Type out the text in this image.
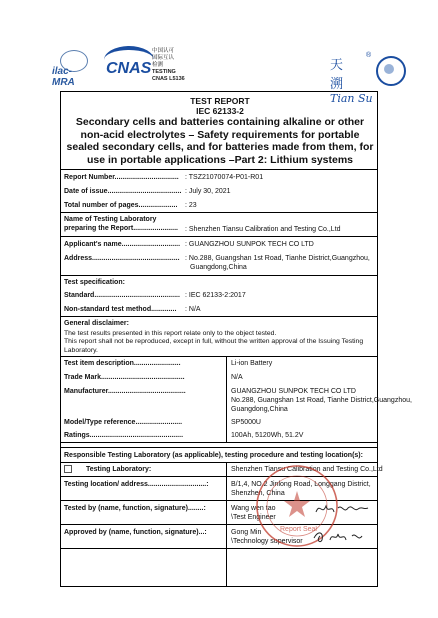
ilac-MRA
CNAS
中国认可
国际互认
检测
TESTING
CNAS L5136
天 溯
Tian Su
®
TEST REPORT
IEC 62133-2
Secondary cells and batteries containing alkaline or other non-acid electrolytes – Safety requirements for portable sealed secondary cells, and for batteries made from them, for use in portable applications –Part 2: Lithium systems
Report Number................................. : TSZ21070074-P01-R01
Date of issue...................................... : July 30, 2021
Total number of pages.................... : 23
Name of Testing Laboratory
preparing the Report....................... : Shenzhen Tiansu Calibration and Testing Co.,Ltd
Applicant's name.............................. : GUANGZHOU SUNPOK TECH CO LTD
Address............................................. : No.288, Guangshan 1st Road, Tianhe District,Guangzhou,
Guangdong,China
Test specification:
Standard............................................ : IEC 62133-2:2017
Non-standard test method............. : N/A
General disclaimer:
The test results presented in this report relate only to the object tested.
This report shall not be reproduced, except in full, without the written approval of the Issuing Testing
Laboratory.
Test item description........................	Li-ion Battery
Trade Mark...........................................	N/A
Manufacturer........................................	GUANGZHOU SUNPOK TECH CO LTD
No.288, Guangshan 1st Road, Tianhe District,Guangzhou,
Guangdong,China
Model/Type reference........................	SP5000U
Ratings................................................	100Ah, 5120Wh, 51.2V
Responsible Testing Laboratory (as applicable), testing procedure and testing location(s):
Testing Laboratory:	Shenzhen Tiansu Calibration and Testing Co.,Ltd
Testing location/ address..............................:	B/1,4, NO.2 Jinlong Road, Longgang District,
Shenzhen, China
Tested by (name, function, signature)........:	Wang wen tao
\Test Engineer
Approved by (name, function, signature)...:	Gong Min
\Technology supervisor
Report Seal
